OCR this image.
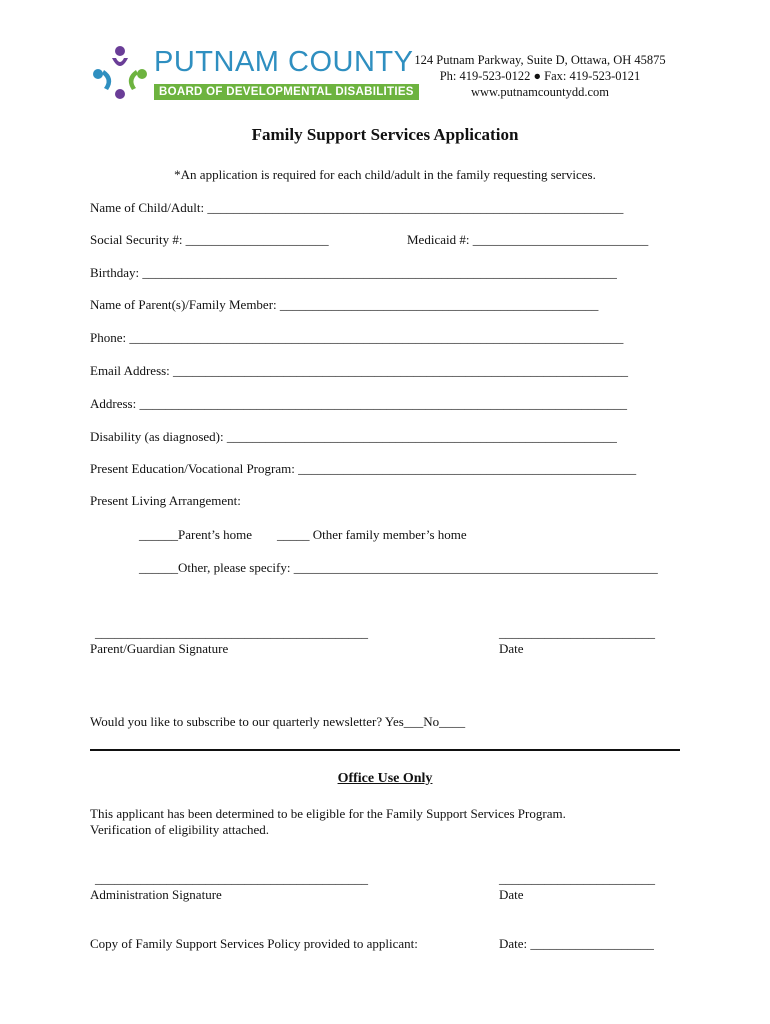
PUTNAM COUNTY
BOARD OF DEVELOPMENTAL DISABILITIES
124 Putnam Parkway, Suite D, Ottawa, OH 45875
Ph: 419-523-0122 ● Fax: 419-523-0121
www.putnamcountydd.com
Family Support Services Application
*An application is required for each child/adult in the family requesting services.
Name of Child/Adult: ________________________________________________________________
Social Security #: ______________________	Medicaid #: ___________________________
Birthday: _________________________________________________________________________
Name of Parent(s)/Family Member: _________________________________________________
Phone: ____________________________________________________________________________
Email Address: ______________________________________________________________________
Address: ___________________________________________________________________________
Disability (as diagnosed): ____________________________________________________________
Present Education/Vocational Program: ____________________________________________________
Present Living Arrangement:
______Parent’s home _____ Other family member’s home
______Other, please specify: ________________________________________________________
__________________________________________
Parent/Guardian Signature
________________________
Date
Would you like to subscribe to our quarterly newsletter? Yes___No____
Office Use Only
This applicant has been determined to be eligible for the Family Support Services Program.
Verification of eligibility attached.
__________________________________________
Administration Signature
________________________
Date
Copy of Family Support Services Policy provided to applicant:	Date: ___________________
